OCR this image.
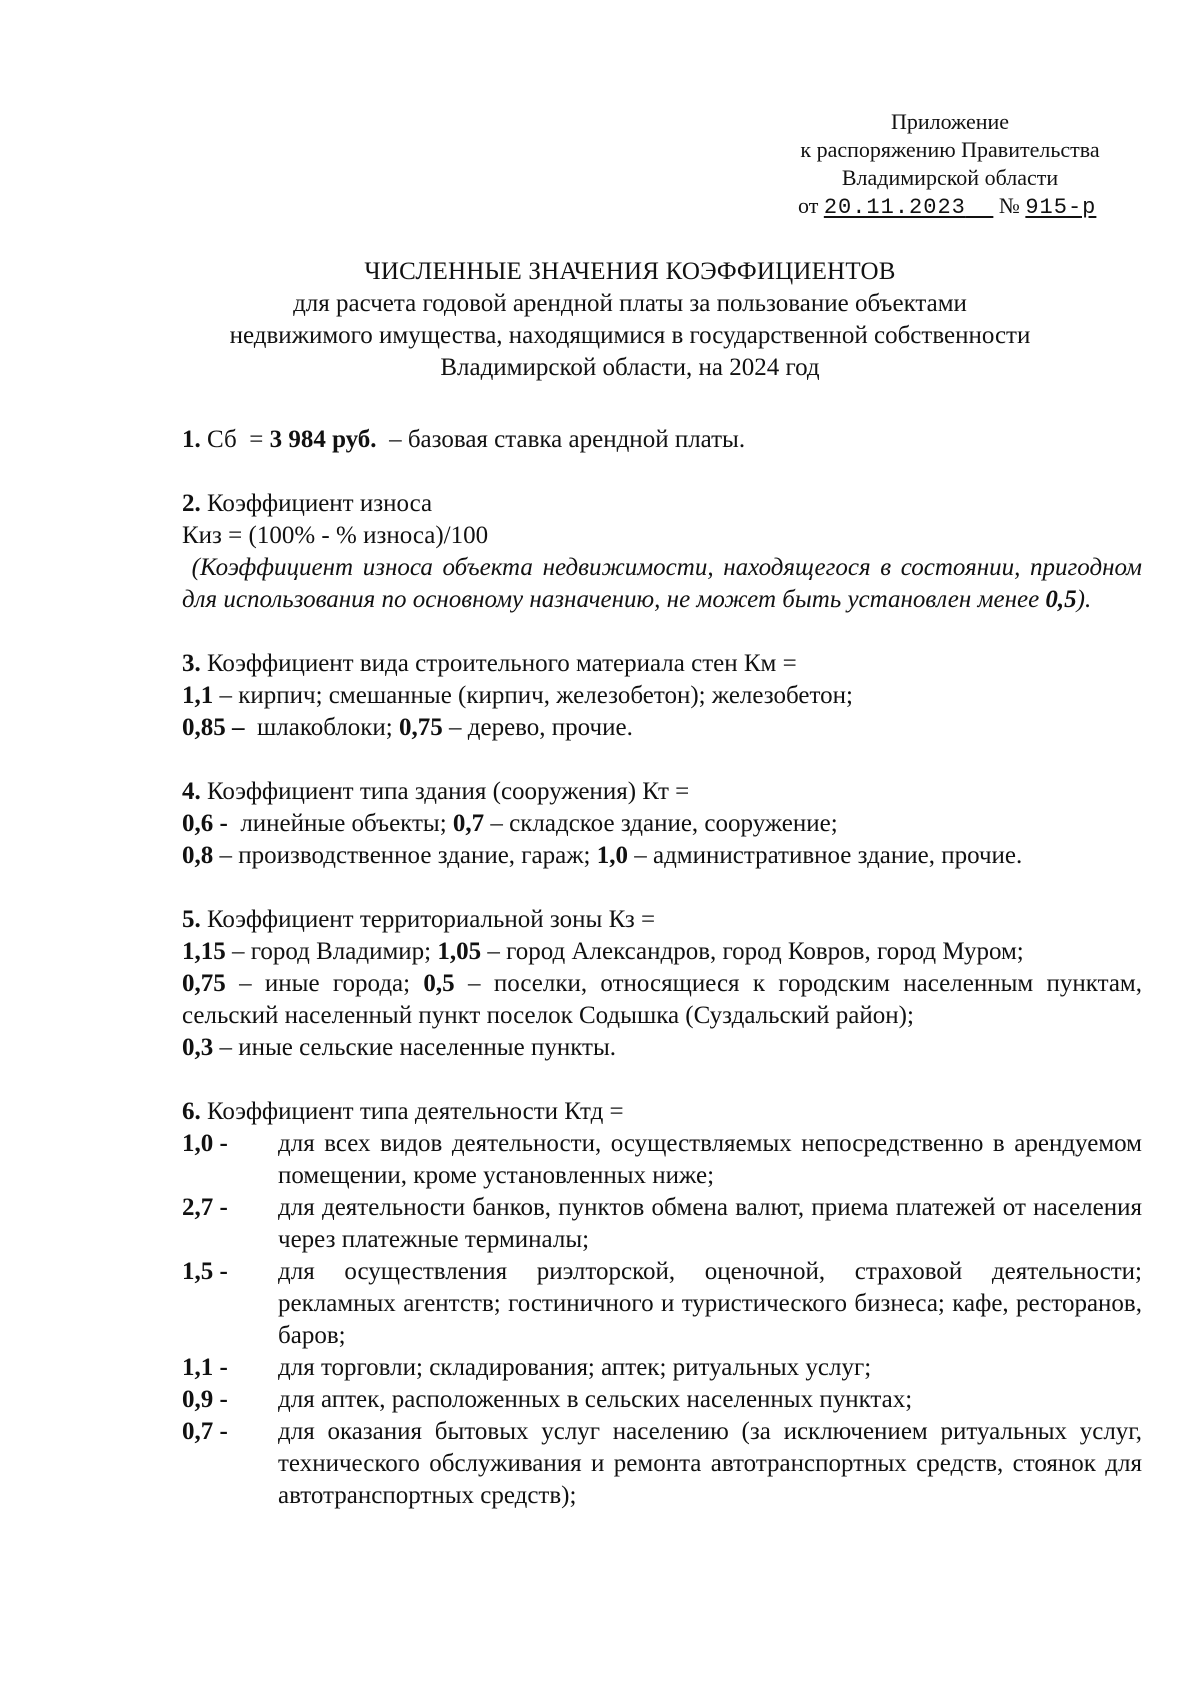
Приложение
к распоряжению Правительства
Владимирской области
от 20.11.2023 № 915-р
ЧИСЛЕННЫЕ ЗНАЧЕНИЯ КОЭФФИЦИЕНТОВ
для расчета годовой арендной платы за пользование объектами
недвижимого имущества, находящимися в государственной собственности
Владимирской области, на 2024 год

1. Сб  = 3 984 руб.  – базовая ставка арендной платы.

2. Коэффициент износа

Киз = (100% - % износа)/100

(Коэффициент износа объекта недвижимости, находящегося в состоянии, пригодном для использования по основному назначению, не может быть установлен менее 0,5).

3. Коэффициент вида строительного материала стен Км =

1,1 – кирпич; смешанные (кирпич, железобетон); железобетон;

0,85 –  шлакоблоки; 0,75 – дерево, прочие.

4. Коэффициент типа здания (сооружения) Кт =

0,6 -  линейные объекты; 0,7 – складское здание, сооружение;

0,8 – производственное здание, гараж; 1,0 – административное здание, прочие.

5. Коэффициент территориальной зоны Кз =

1,15 – город Владимир; 1,05 – город Александров, город Ковров, город Муром;

0,75 – иные города; 0,5 – поселки, относящиеся к городским населенным пунктам, сельский населенный пункт поселок Содышка (Суздальский район);

0,3 – иные сельские населенные пункты.

6. Коэффициент типа деятельности Ктд =

1,0 -	для всех видов деятельности, осуществляемых непосредственно в арендуемом помещении, кроме установленных ниже;
2,7 -	для деятельности банков, пунктов обмена валют, приема платежей от населения через платежные терминалы;
1,5 -	для осуществления риэлторской, оценочной, страховой деятельности; рекламных агентств; гостиничного и туристического бизнеса; кафе, ресторанов, баров;
1,1 -	для торговли; складирования; аптек; ритуальных услуг;
0,9 -	для аптек, расположенных в сельских населенных пунктах;
0,7 -	для оказания бытовых услуг населению (за исключением ритуальных услуг, технического обслуживания и ремонта автотранспортных средств, стоянок для автотранспортных средств);
